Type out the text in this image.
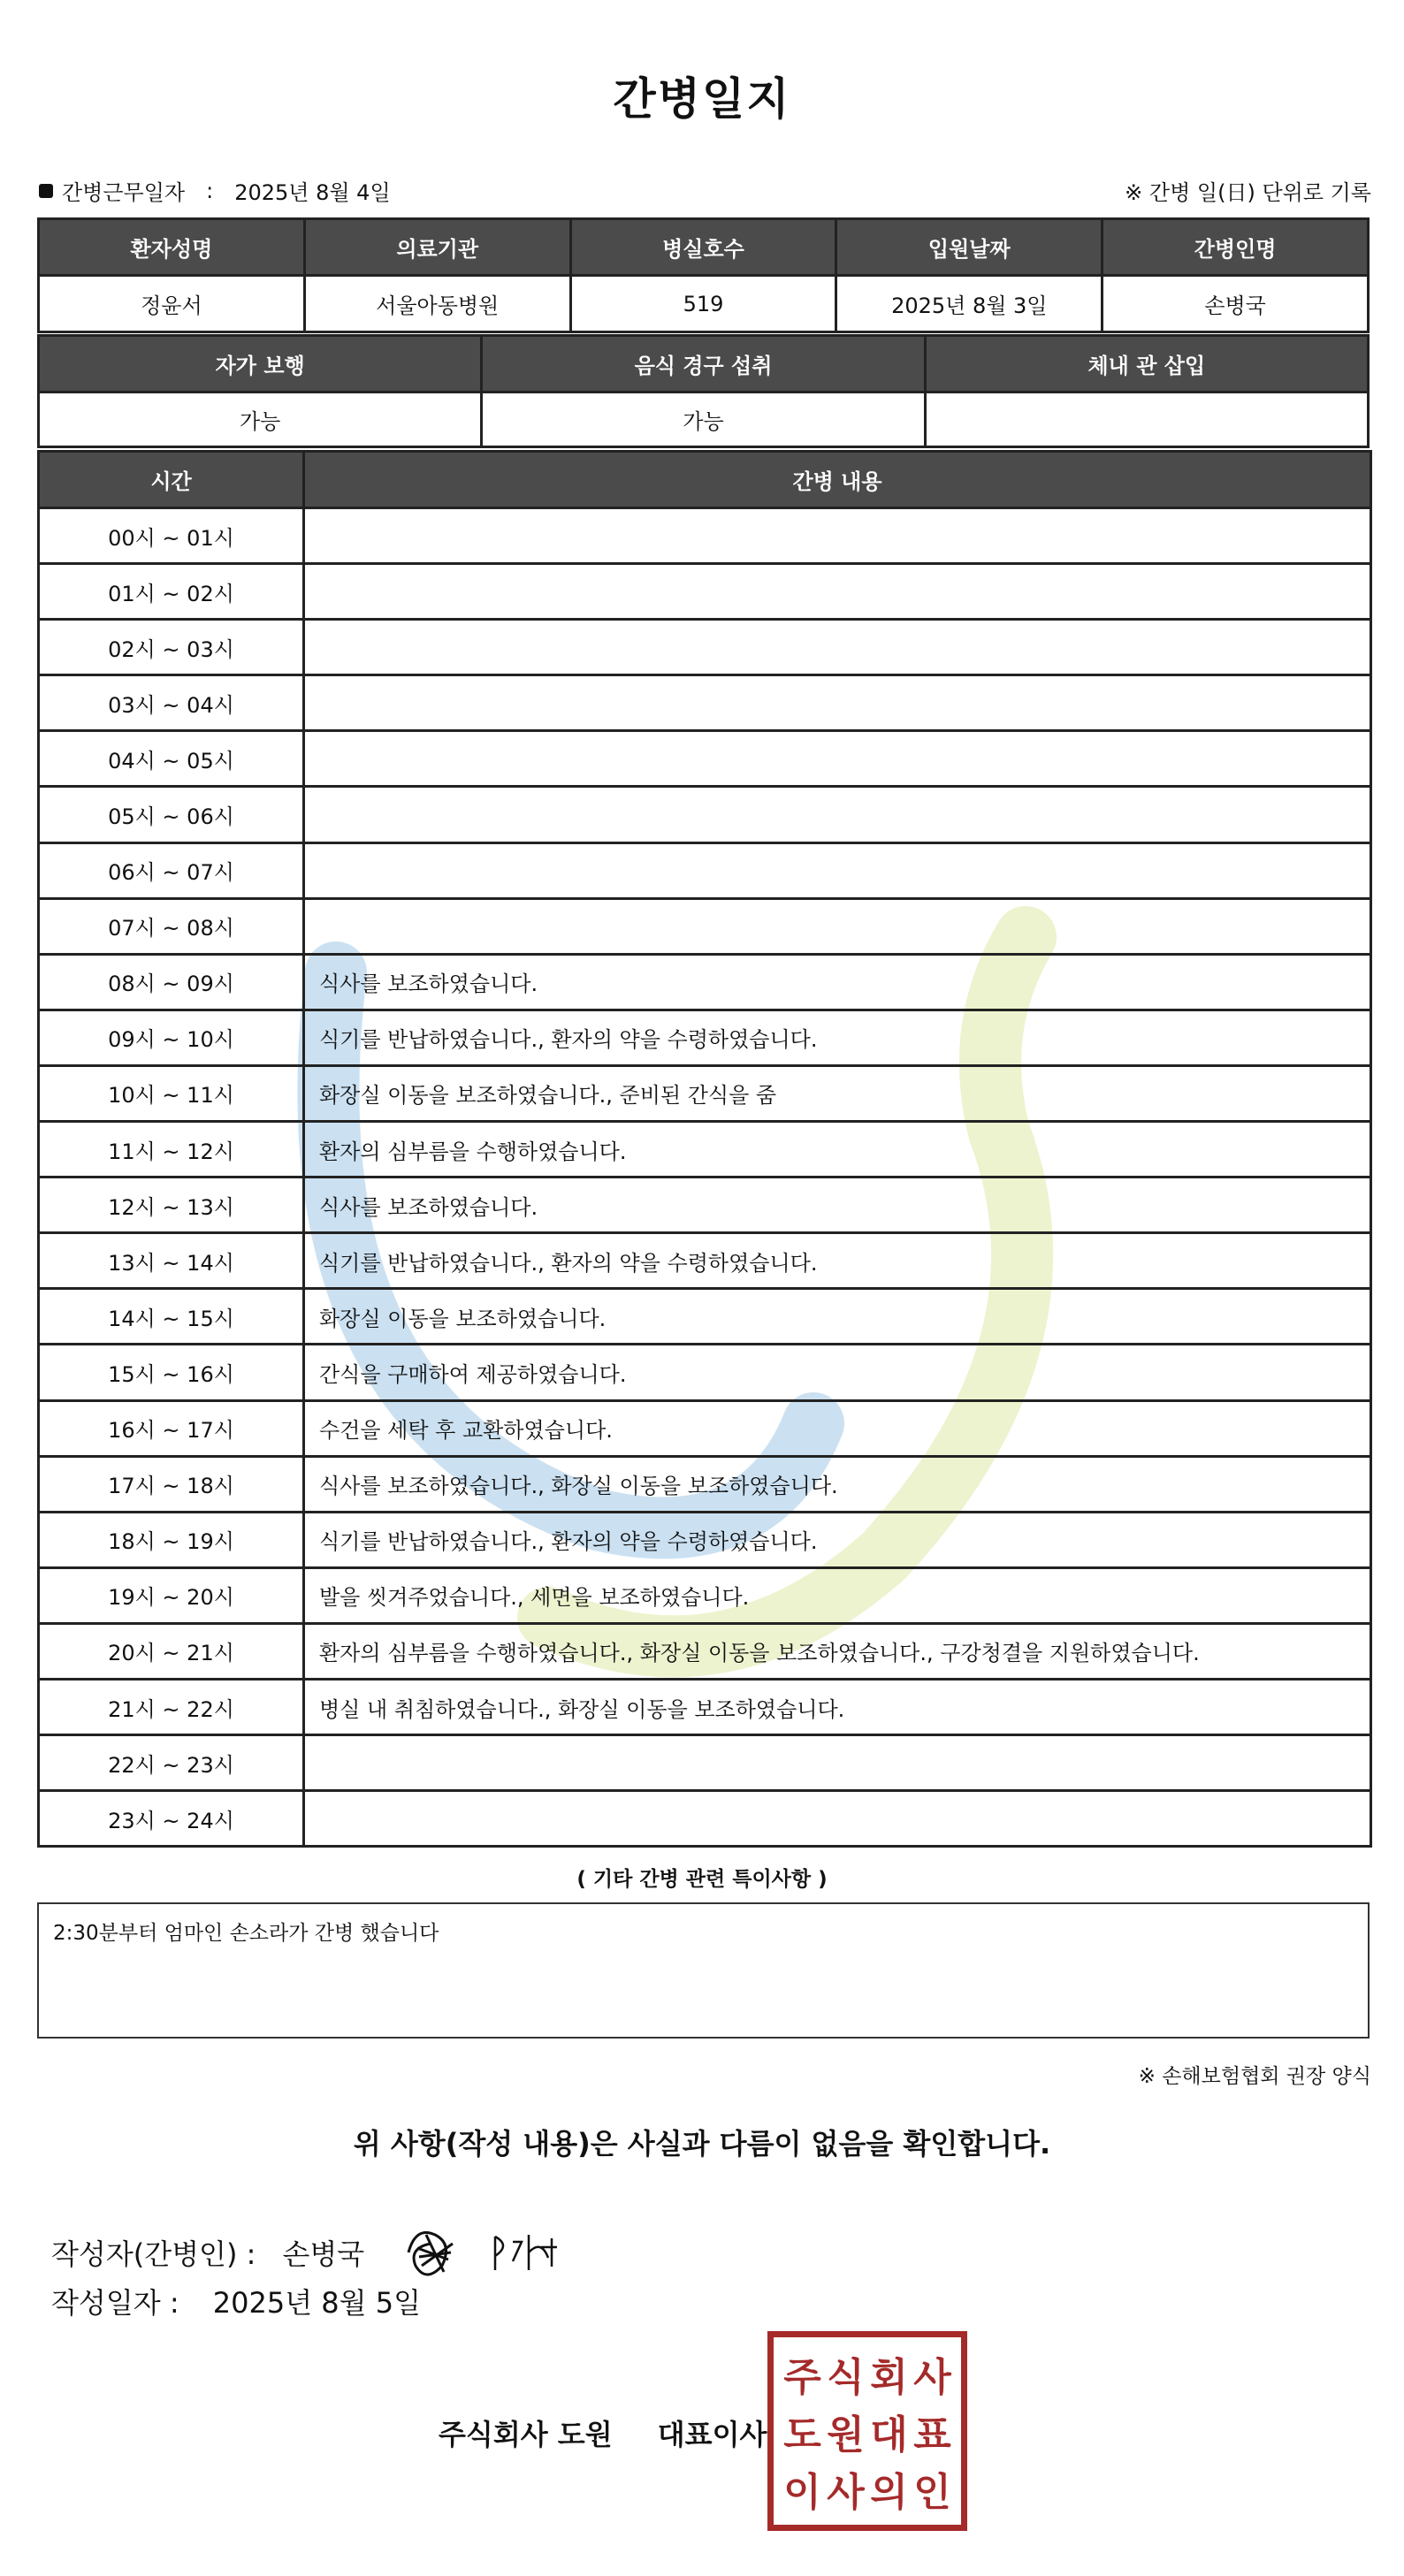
간병일지
간병근무일자 : 2025년 8월 4일	※ 간병 일(日) 단위로 기록
환자성명	의료기관	병실호수	입원날짜	간병인명
정윤서	서울아동병원	519	2025년 8월 3일	손병국
자가 보행	음식 경구 섭취	체내 관 삽입
가능	가능	
시간	간병 내용
00시 ~ 01시	
01시 ~ 02시	
02시 ~ 03시	
03시 ~ 04시	
04시 ~ 05시	
05시 ~ 06시	
06시 ~ 07시	
07시 ~ 08시	
08시 ~ 09시	식사를 보조하였습니다.
09시 ~ 10시	식기를 반납하였습니다., 환자의 약을 수령하였습니다.
10시 ~ 11시	화장실 이동을 보조하였습니다., 준비된 간식을 줌
11시 ~ 12시	환자의 심부름을 수행하였습니다.
12시 ~ 13시	식사를 보조하였습니다.
13시 ~ 14시	식기를 반납하였습니다., 환자의 약을 수령하였습니다.
14시 ~ 15시	화장실 이동을 보조하였습니다.
15시 ~ 16시	간식을 구매하여 제공하였습니다.
16시 ~ 17시	수건을 세탁 후 교환하였습니다.
17시 ~ 18시	식사를 보조하였습니다., 화장실 이동을 보조하였습니다.
18시 ~ 19시	식기를 반납하였습니다., 환자의 약을 수령하였습니다.
19시 ~ 20시	발을 씻겨주었습니다., 세면을 보조하였습니다.
20시 ~ 21시	환자의 심부름을 수행하였습니다., 화장실 이동을 보조하였습니다., 구강청결을 지원하였습니다.
21시 ~ 22시	병실 내 취침하였습니다., 화장실 이동을 보조하였습니다.
22시 ~ 23시	
23시 ~ 24시	
( 기타 간병 관련 특이사항 )
2:30분부터 엄마인 손소라가 간병 했습니다
※ 손해보험협회 권장 양식
위 사항(작성 내용)은 사실과 다름이 없음을 확인합니다.
작성자(간병인) : 손병국
작성일자 : 2025년 8월 5일
주식회사 도원 대표이사
주 식 회 사
도 원 대 표
이 사 의 인
